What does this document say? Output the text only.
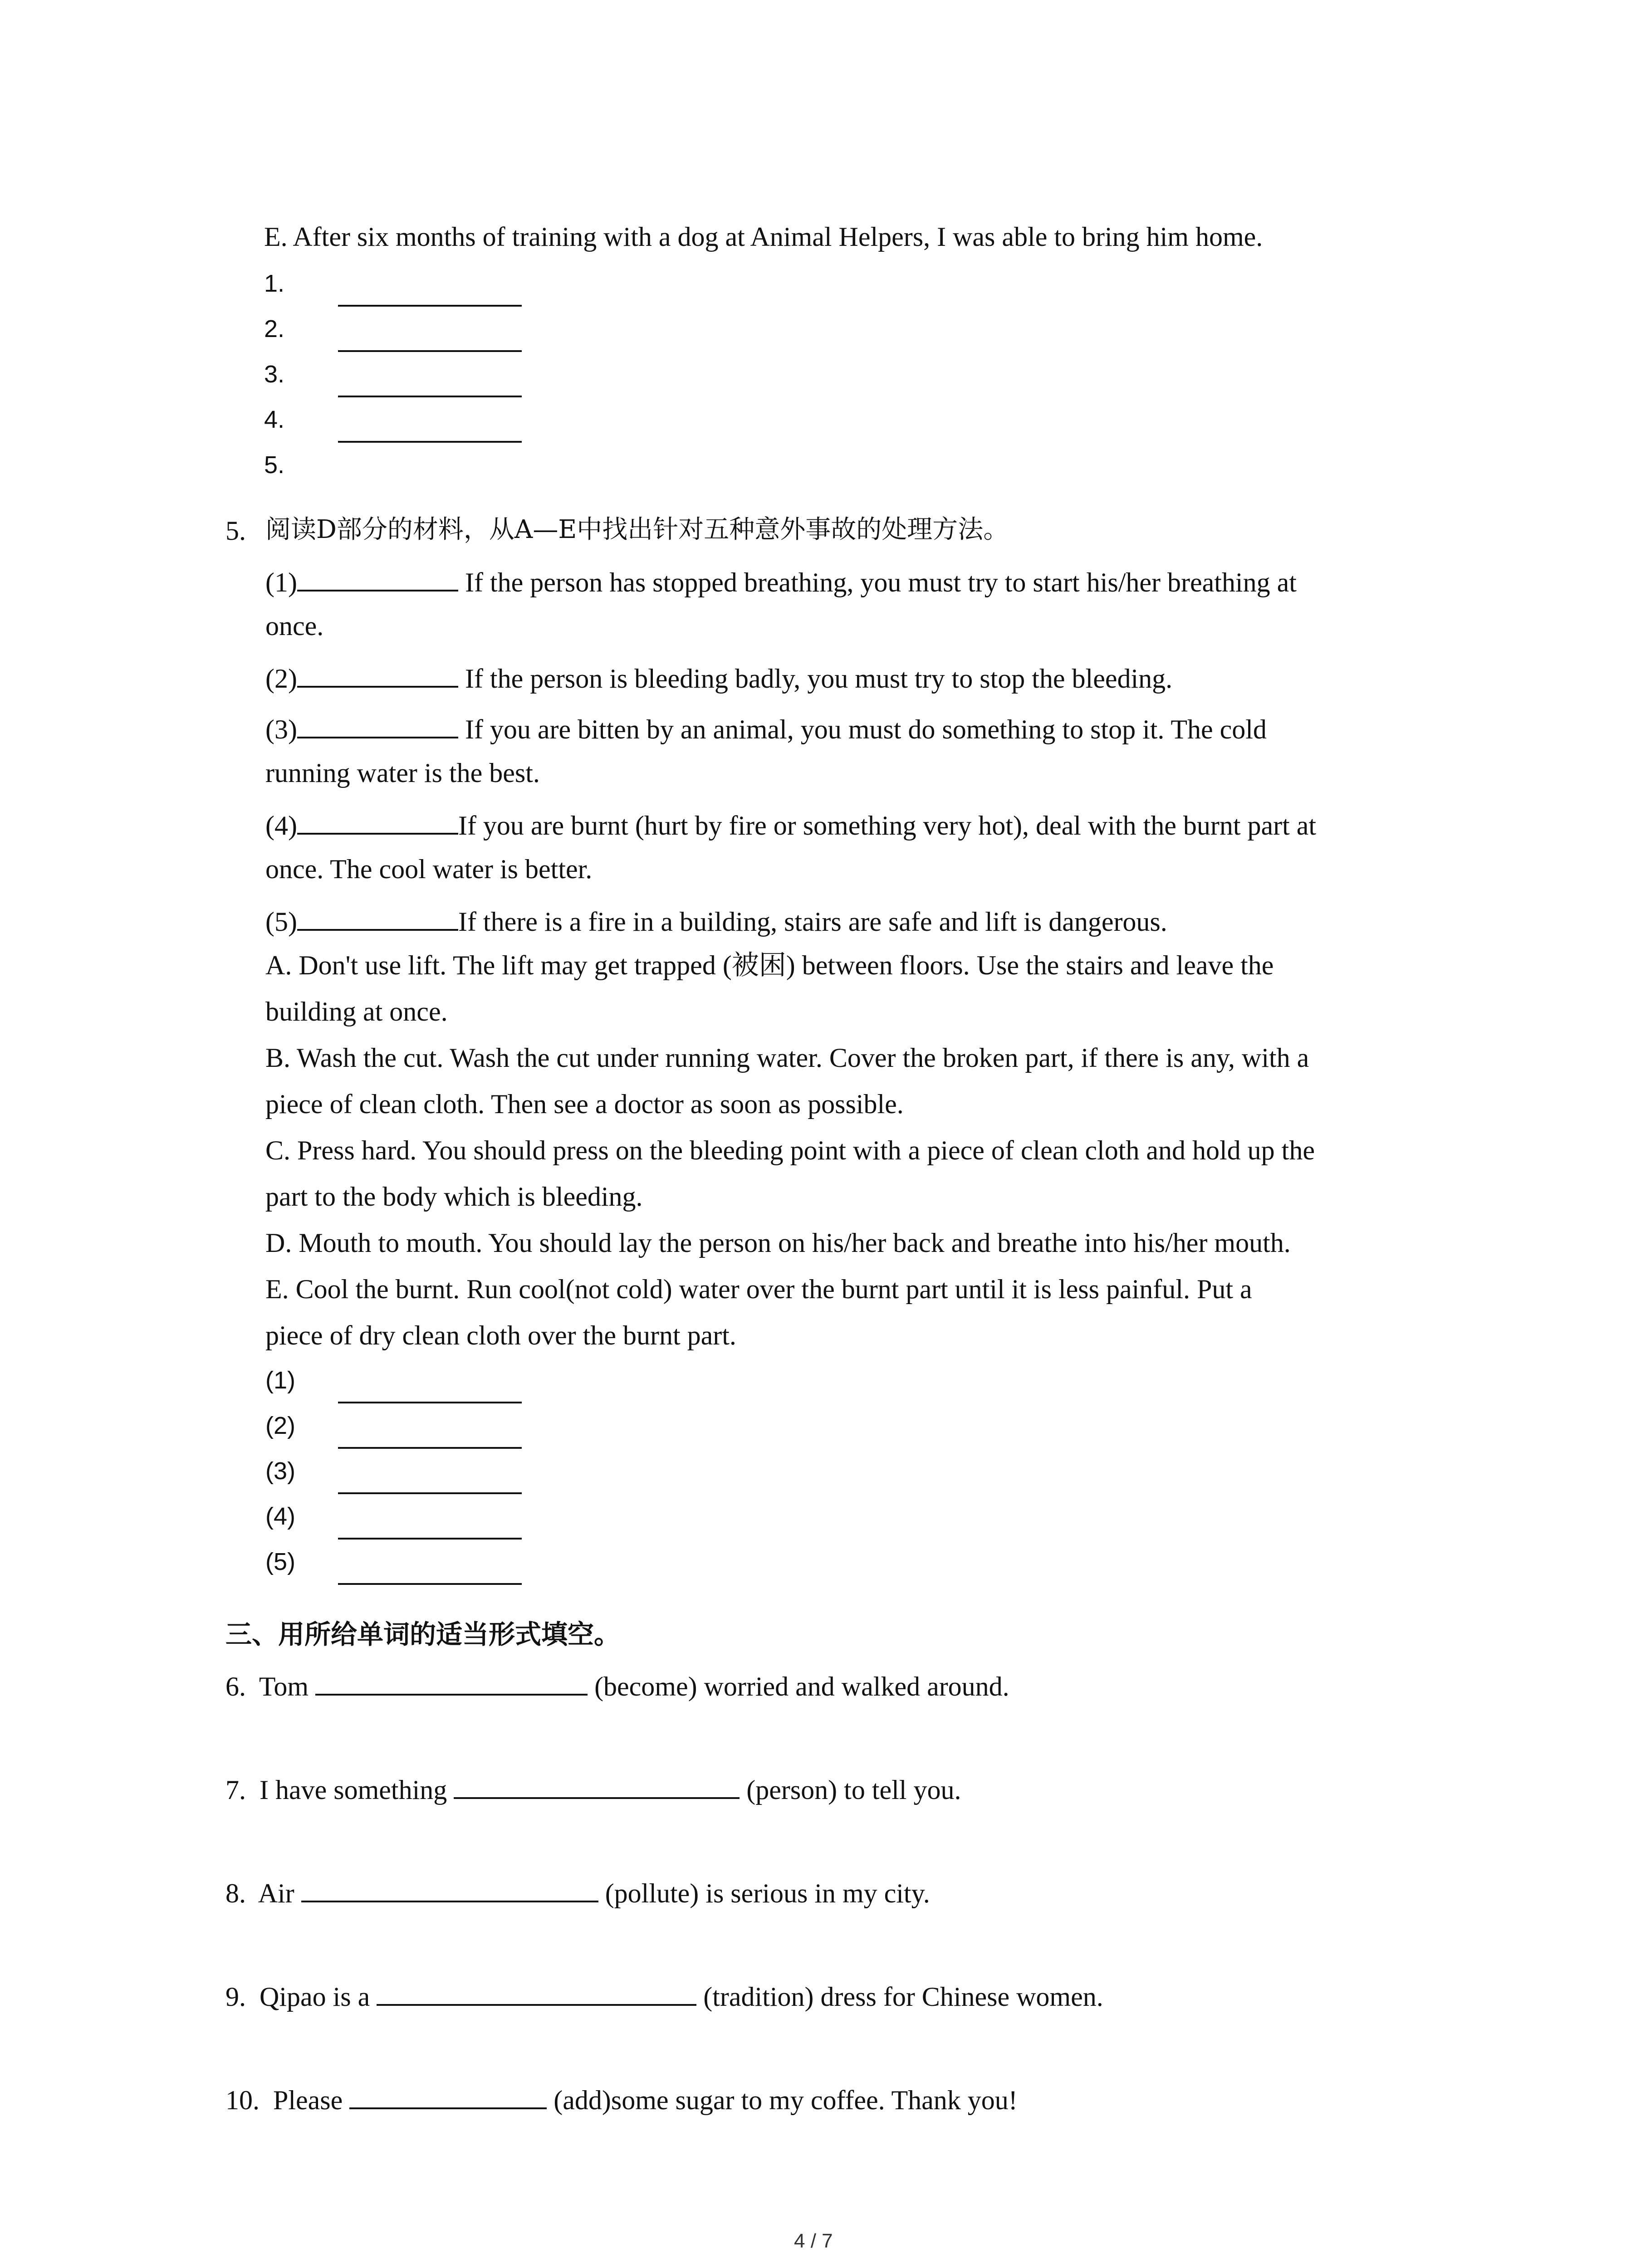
E. After six months of training with a dog at Animal Helpers, I was able to bring him home.
1.
2.
3.
4.
5.
5. 阅读D部分的材料，从A—E中找出针对五种意外事故的处理方法。
(1)	If the person has stopped breathing, you must try to start his/her breathing at
once.
(2)	If the person is bleeding badly, you must try to stop the bleeding.
(3)	If you are bitten by an animal, you must do something to stop it. The cold
running water is the best.
(4)	If you are burnt (hurt by fire or something very hot), deal with the burnt part at
once. The cool water is better.
(5)	If there is a fire in a building, stairs are safe and lift is dangerous.
A. Don't use lift. The lift may get trapped (被困) between floors. Use the stairs and leave the
building at once.
B. Wash the cut. Wash the cut under running water. Cover the broken part, if there is any, with a
piece of clean cloth. Then see a doctor as soon as possible.
C. Press hard. You should press on the bleeding point with a piece of clean cloth and hold up the
part to the body which is bleeding.
D. Mouth to mouth. You should lay the person on his/her back and breathe into his/her mouth.
E. Cool the burnt. Run cool(not cold) water over the burnt part until it is less painful. Put a
piece of dry clean cloth over the burnt part.
(1)
(2)
(3)
(4)
(5)
三、用所给单词的适当形式填空。
6. Tom	(become) worried and walked around.
7. I have something	(person) to tell you.
8. Air	(pollute) is serious in my city.
9. Qipao is a	(tradition) dress for Chinese women.
10. Please	(add)some sugar to my coffee. Thank you!
4 / 7
